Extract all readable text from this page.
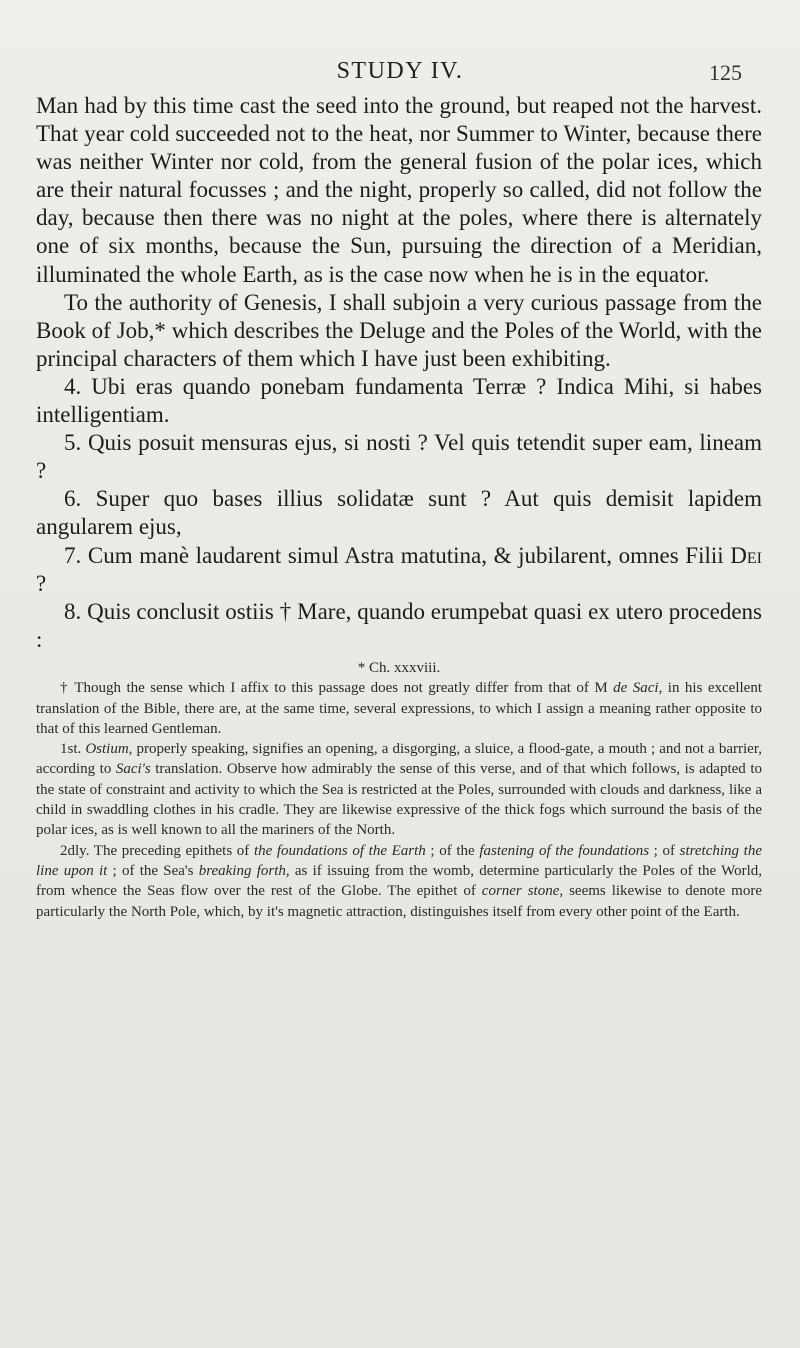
STUDY IV.	125

Man had by this time cast the seed into the ground, but reaped not the harvest. That year cold succeeded not to the heat, nor Summer to Winter, because there was neither Winter nor cold, from the general fusion of the polar ices, which are their natural focusses ; and the night, properly so called, did not follow the day, because then there was no night at the poles, where there is alternately one of six months, because the Sun, pursuing the direction of a Meridian, illuminated the whole Earth, as is the case now when he is in the equator.

To the authority of Genesis, I shall subjoin a very curious passage from the Book of Job,* which describes the Deluge and the Poles of the World, with the principal characters of them which I have just been exhibiting.

4. Ubi eras quando ponebam fundamenta Terræ ? Indica Mihi, si habes intelligentiam.

5. Quis posuit mensuras ejus, si nosti ? Vel quis tetendit super eam, lineam ?

6. Super quo bases illius solidatæ sunt ? Aut quis demisit lapidem angularem ejus,

7. Cum manè laudarent simul Astra matutina, & jubilarent, omnes Filii Dei ?

8. Quis conclusit ostiis † Mare, quando erumpebat quasi ex utero procedens :

* Ch. xxxviii.

† Though the sense which I affix to this passage does not greatly differ from that of M de Saci, in his excellent translation of the Bible, there are, at the same time, several expressions, to which I assign a meaning rather opposite to that of this learned Gentleman.

1st. Ostium, properly speaking, signifies an opening, a disgorging, a sluice, a flood-gate, a mouth ; and not a barrier, according to Saci's translation. Observe how admirably the sense of this verse, and of that which follows, is adapted to the state of constraint and activity to which the Sea is restricted at the Poles, surrounded with clouds and darkness, like a child in swaddling clothes in his cradle. They are likewise expressive of the thick fogs which surround the basis of the polar ices, as is well known to all the mariners of the North.

2dly. The preceding epithets of the foundations of the Earth ; of the fastening of the foundations ; of stretching the line upon it ; of the Sea's breaking forth, as if issuing from the womb, determine particularly the Poles of the World, from whence the Seas flow over the rest of the Globe. The epithet of corner stone, seems likewise to denote more particularly the North Pole, which, by it's magnetic attraction, distinguishes itself from every other point of the Earth.
